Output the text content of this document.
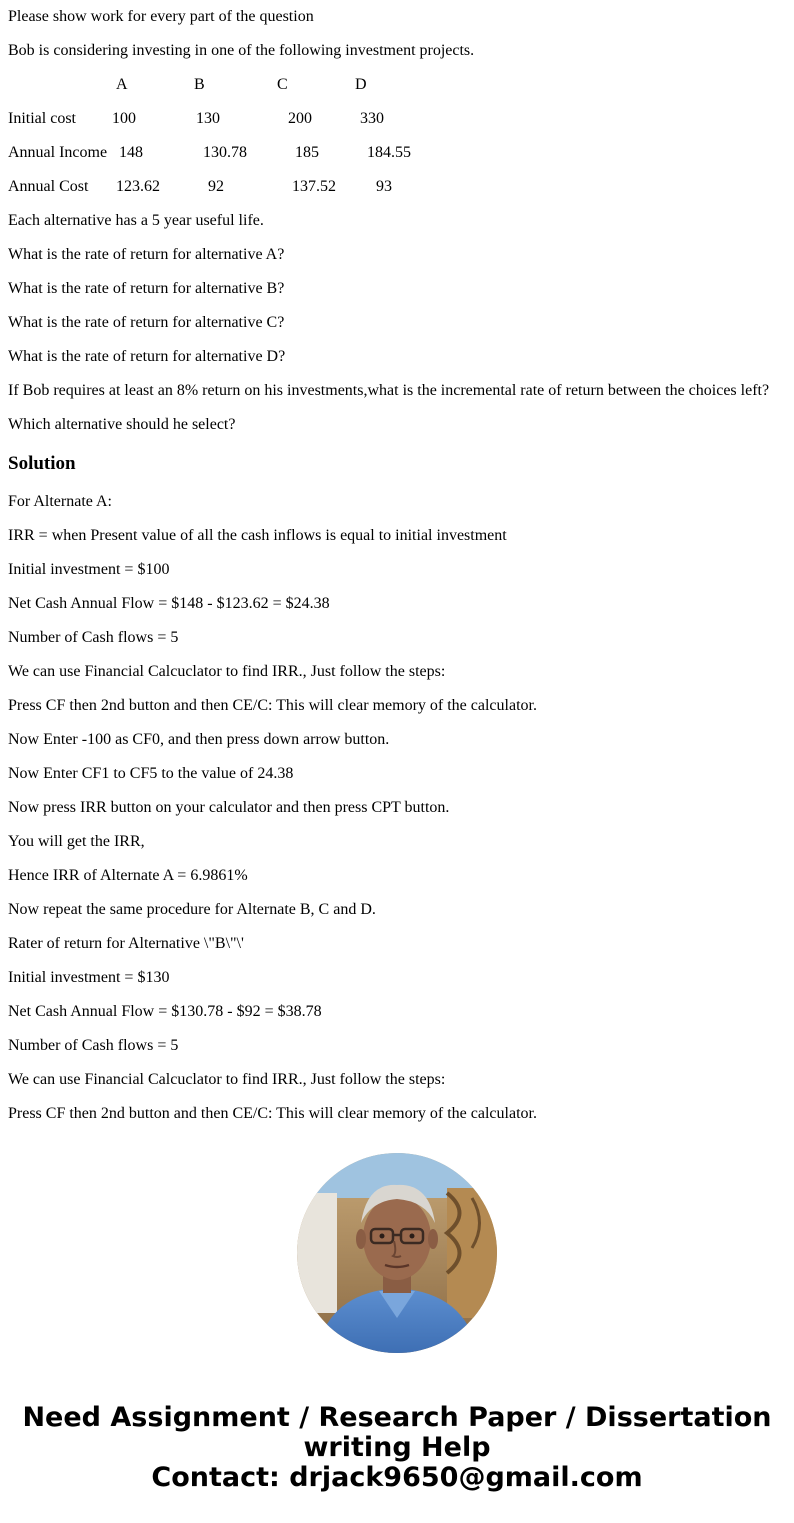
Please show work for every part of the question
Bob is considering investing in one of the following investment projects.
A	B	C	D
Initial cost 100	130	200	330
Annual Income 148	130.78	185	184.55
Annual Cost 123.62	92	137.52	93
Each alternative has a 5 year useful life.
What is the rate of return for alternative A?
What is the rate of return for alternative B?
What is the rate of return for alternative C?
What is the rate of return for alternative D?
If Bob requires at least an 8% return on his investments,what is the incremental rate of return between the choices left?
Which alternative should he select?
Solution
For Alternate A:
IRR = when Present value of all the cash inflows is equal to initial investment
Initial investment = $100
Net Cash Annual Flow = $148 - $123.62 = $24.38
Number of Cash flows = 5
We can use Financial Calcuclator to find IRR., Just follow the steps:
Press CF then 2nd button and then CE/C: This will clear memory of the calculator.
Now Enter -100 as CF0, and then press down arrow button.
Now Enter CF1 to CF5 to the value of 24.38
Now press IRR button on your calculator and then press CPT button.
You will get the IRR,
Hence IRR of Alternate A = 6.9861%
Now repeat the same procedure for Alternate B, C and D.
Rater of return for Alternative \"B\"\'
Initial investment = $130
Net Cash Annual Flow = $130.78 - $92 = $38.78
Number of Cash flows = 5
We can use Financial Calcuclator to find IRR., Just follow the steps:
Press CF then 2nd button and then CE/C: This will clear memory of the calculator.
Need Assignment / Research Paper / Dissertation
writing Help
Contact: drjack9650@gmail.com
